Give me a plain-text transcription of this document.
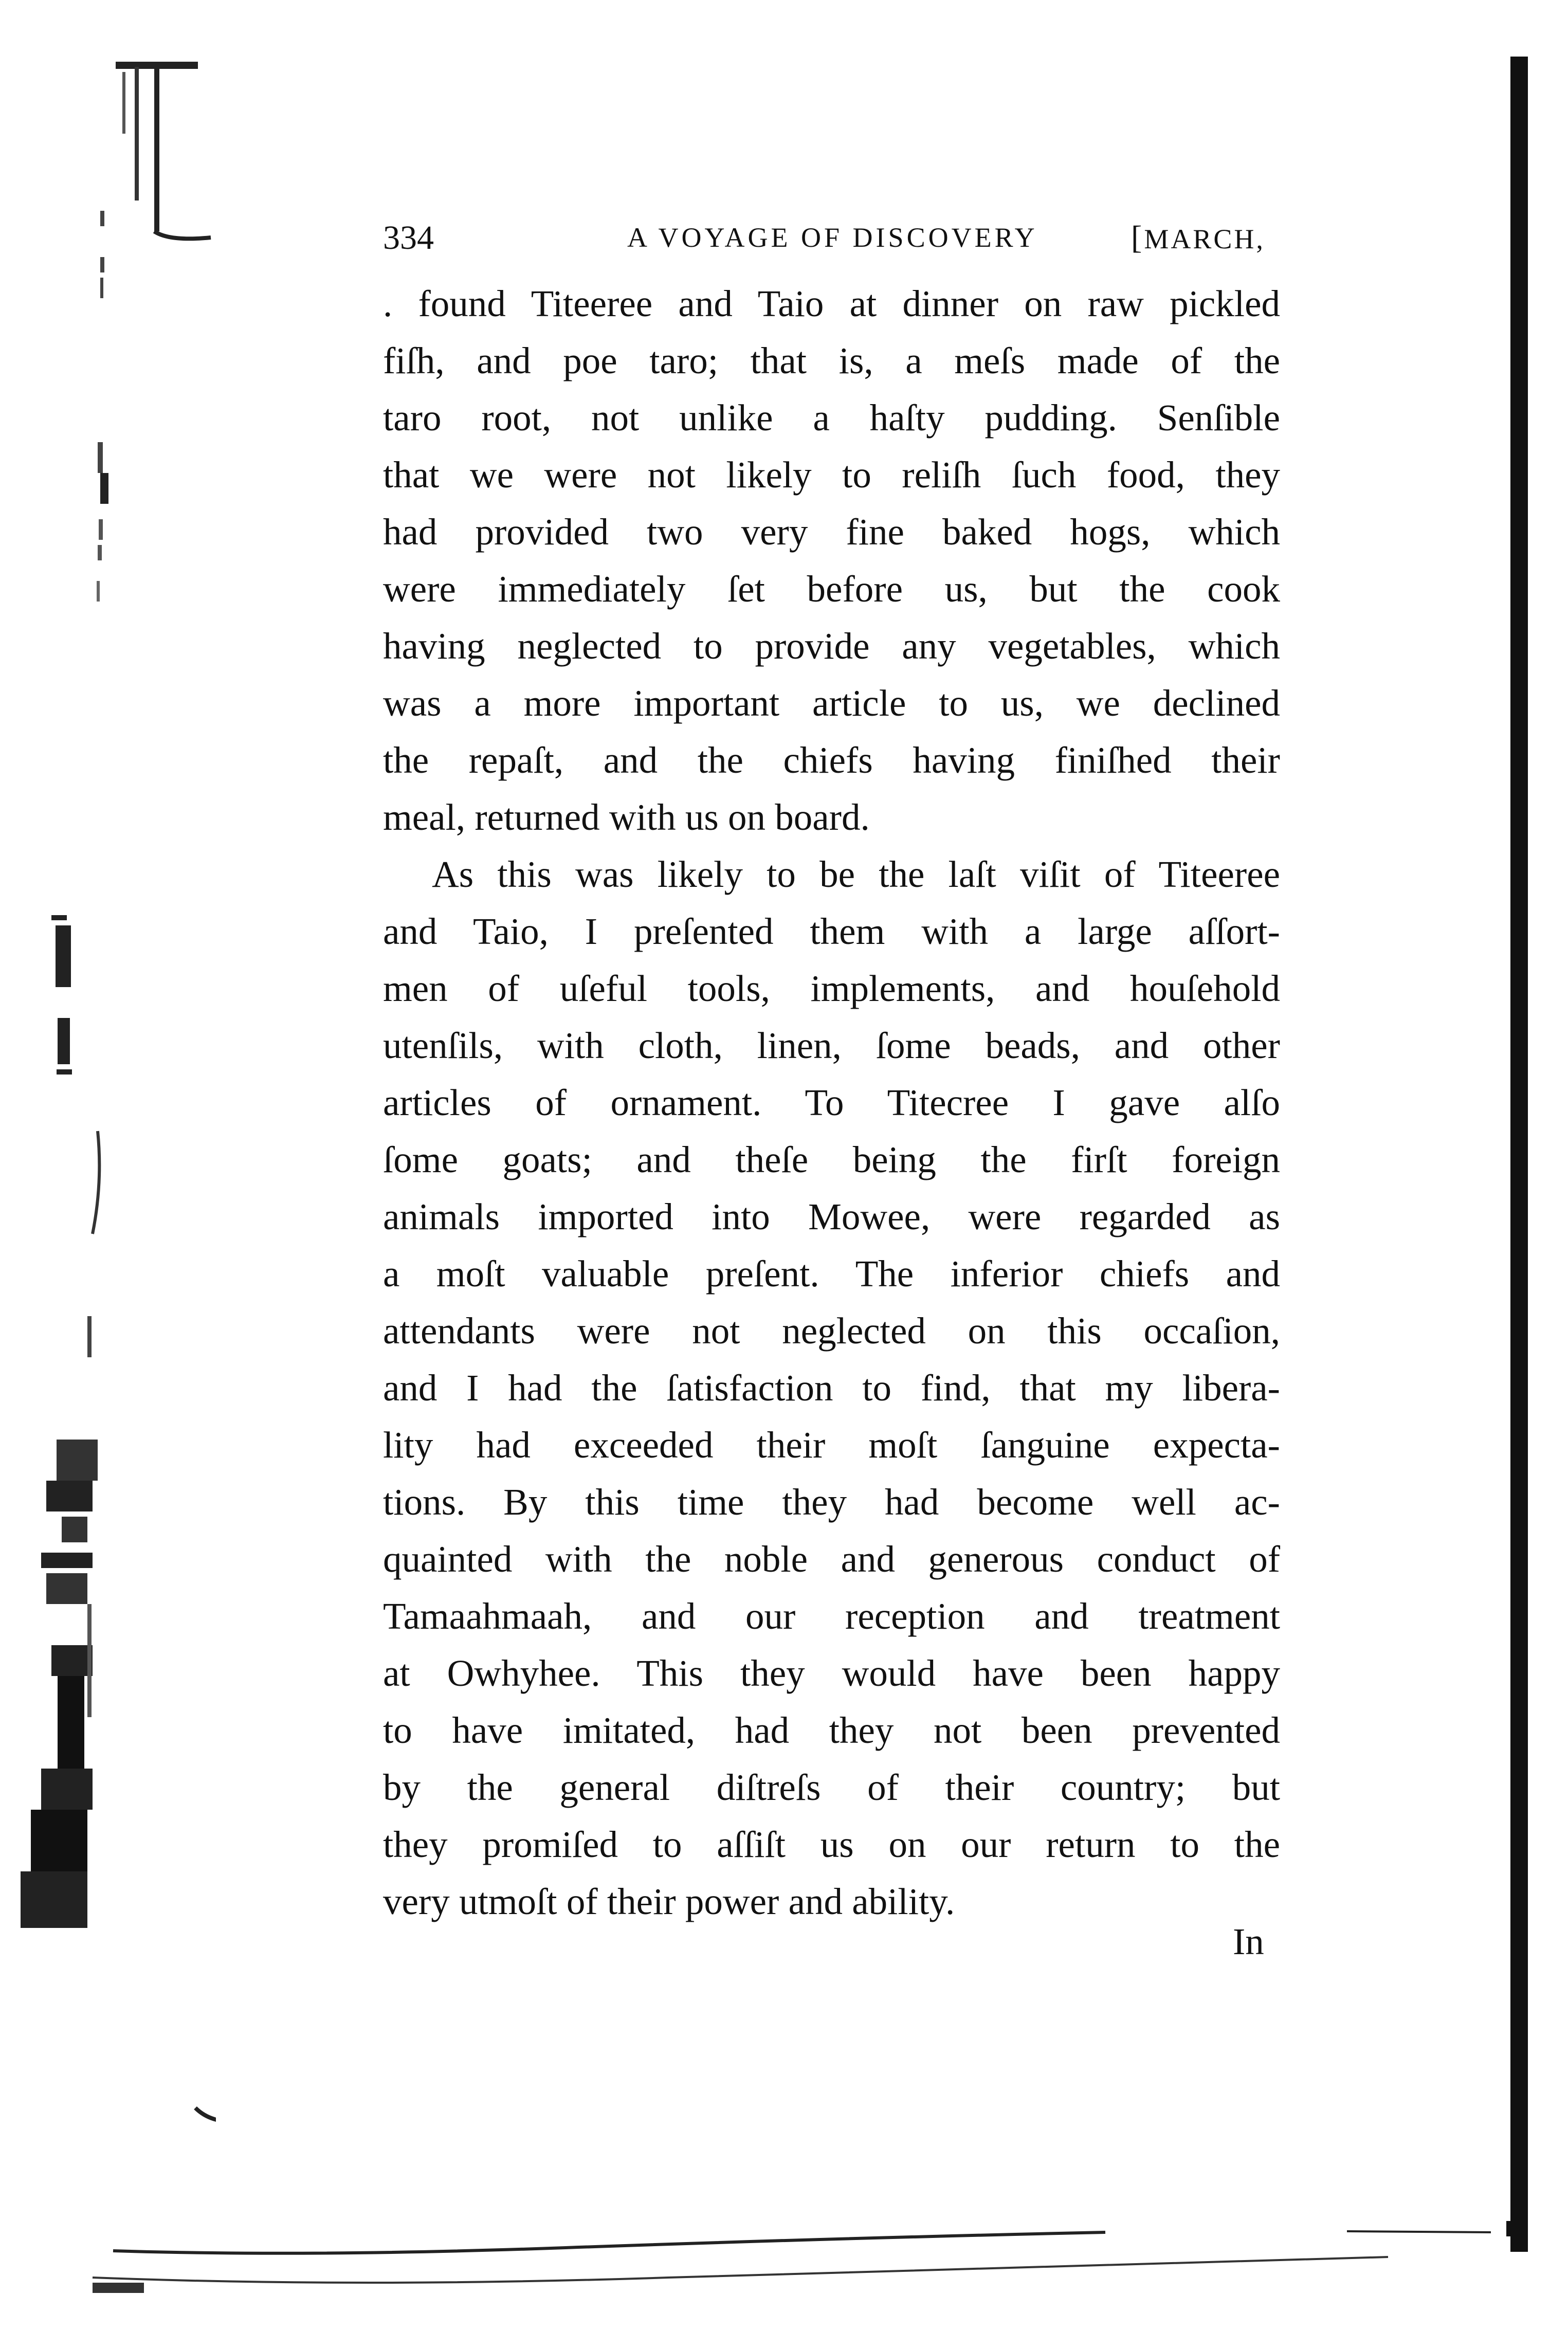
334	A VOYAGE OF DISCOVERY	[MARCH,
. found Titeeree and Taio at dinner on raw pickled
fiſh, and poe taro; that is, a meſs made of the
taro root, not unlike a haſty pudding. Senſible
that we were not likely to reliſh ſuch food, they
had provided two very fine baked hogs, which
were immediately ſet before us, but the cook
having neglected to provide any vegetables, which
was a more important article to us, we declined
the repaſt, and the chiefs having finiſhed their
meal, returned with us on board.
As this was likely to be the laſt viſit of Titeeree
and Taio, I preſented them with a large aſſort-
men of uſeful tools, implements, and houſehold
utenſils, with cloth, linen, ſome beads, and other
articles of ornament. To Titecree I gave alſo
ſome goats; and theſe being the firſt foreign
animals imported into Mowee, were regarded as
a moſt valuable preſent. The inferior chiefs and
attendants were not neglected on this occaſion,
and I had the ſatisfaction to find, that my libera-
lity had exceeded their moſt ſanguine expecta-
tions. By this time they had become well ac-
quainted with the noble and generous conduct of
Tamaahmaah, and our reception and treatment
at Owhyhee. This they would have been happy
to have imitated, had they not been prevented
by the general diſtreſs of their country; but
they promiſed to aſſiſt us on our return to the
very utmoſt of their power and ability.
In
